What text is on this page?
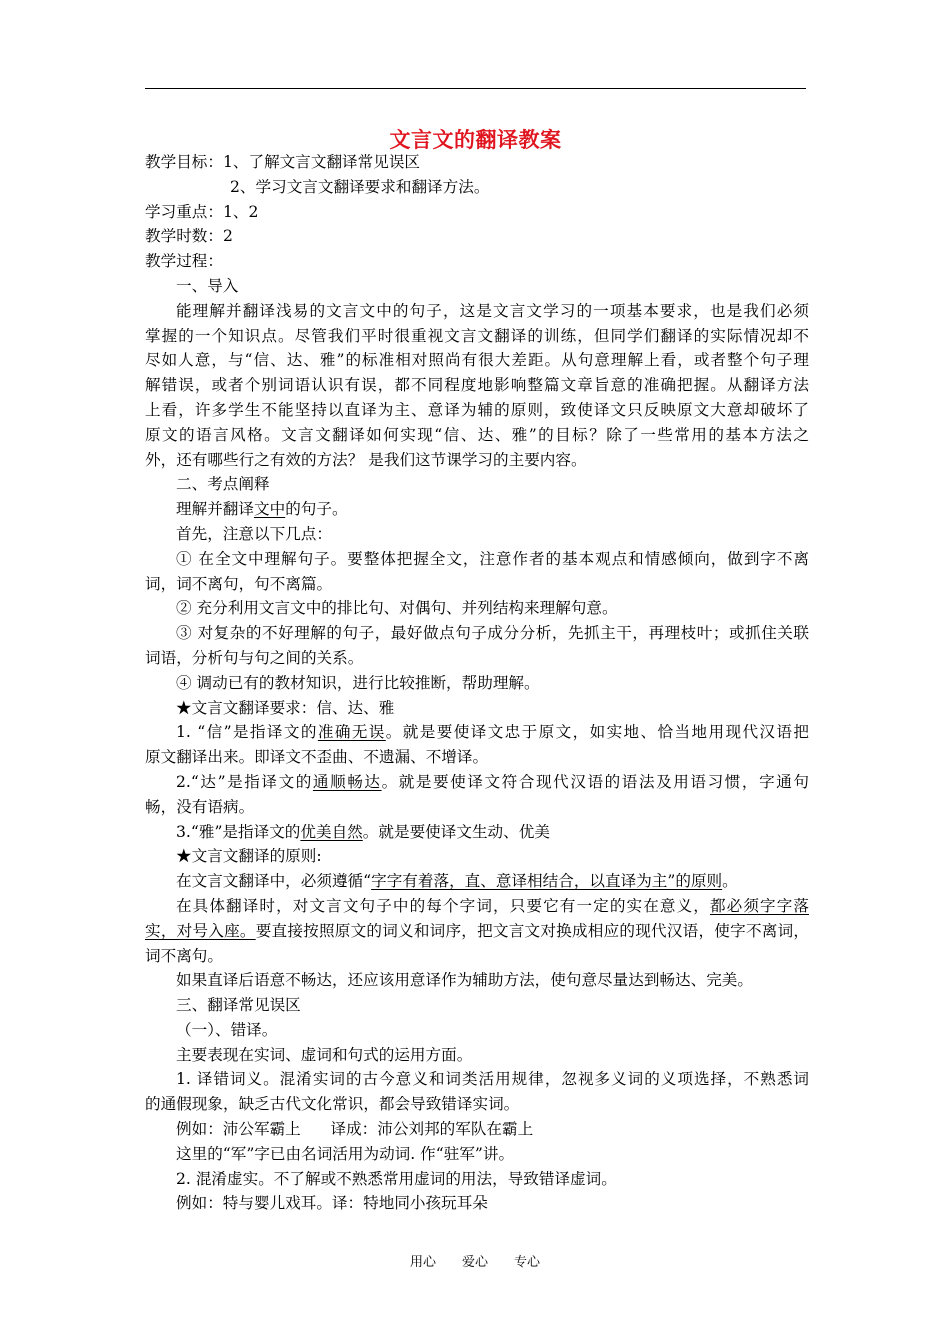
文言文的翻译教案
教学目标：1、了解文言文翻译常见误区
2、学习文言文翻译要求和翻译方法。
学习重点：1、2
教学时数：2
教学过程：
一、导入
能理解并翻译浅易的文言文中的句子，这是文言文学习的一项基本要求，也是我们必须
掌握的一个知识点。尽管我们平时很重视文言文翻译的训练，但同学们翻译的实际情况却不
尽如人意，与“信、达、雅”的标准相对照尚有很大差距。从句意理解上看，或者整个句子理
解错误，或者个别词语认识有误，都不同程度地影响整篇文章旨意的准确把握。从翻译方法
上看，许多学生不能坚持以直译为主、意译为辅的原则，致使译文只反映原文大意却破坏了
原文的语言风格。文言文翻译如何实现“信、达、雅”的目标？除了一些常用的基本方法之
外，还有哪些行之有效的方法？ 是我们这节课学习的主要内容。
二、考点阐释
理解并翻译文中的句子。
首先，注意以下几点：
① 在全文中理解句子。要整体把握全文，注意作者的基本观点和情感倾向，做到字不离
词，词不离句，句不离篇。
② 充分利用文言文中的排比句、对偶句、并列结构来理解句意。
③ 对复杂的不好理解的句子，最好做点句子成分分析，先抓主干，再理枝叶；或抓住关联
词语，分析句与句之间的关系。
④ 调动已有的教材知识，进行比较推断，帮助理解。
★文言文翻译要求：信、达、雅
1. “信”是指译文的准确无误。就是要使译文忠于原文，如实地、恰当地用现代汉语把
原文翻译出来。即译文不歪曲、不遗漏、不增译。
2.“达”是指译文的通顺畅达。就是要使译文符合现代汉语的语法及用语习惯，字通句
畅，没有语病。
3.“雅”是指译文的优美自然。就是要使译文生动、优美
★文言文翻译的原则:
在文言文翻译中，必须遵循“字字有着落，直、意译相结合，以直译为主”的原则。
在具体翻译时，对文言文句子中的每个字词，只要它有一定的实在意义，都必须字字落
实，对号入座。要直接按照原文的词义和词序，把文言文对换成相应的现代汉语，使字不离词，
词不离句。
如果直译后语意不畅达，还应该用意译作为辅助方法，使句意尽量达到畅达、完美。
三、翻译常见误区
（一）、错译。
主要表现在实词、虚词和句式的运用方面。
1. 译错词义。混淆实词的古今意义和词类活用规律，忽视多义词的义项选择，不熟悉词
的通假现象，缺乏古代文化常识，都会导致错译实词。
例如：沛公军霸上      译成：沛公刘邦的军队在霸上
这里的“军”字已由名词活用为动词. 作“驻军”讲。
2. 混淆虚实。不了解或不熟悉常用虚词的用法，导致错译虚词。
例如：特与婴儿戏耳。译：特地同小孩玩耳朵
用心 爱心 专心
